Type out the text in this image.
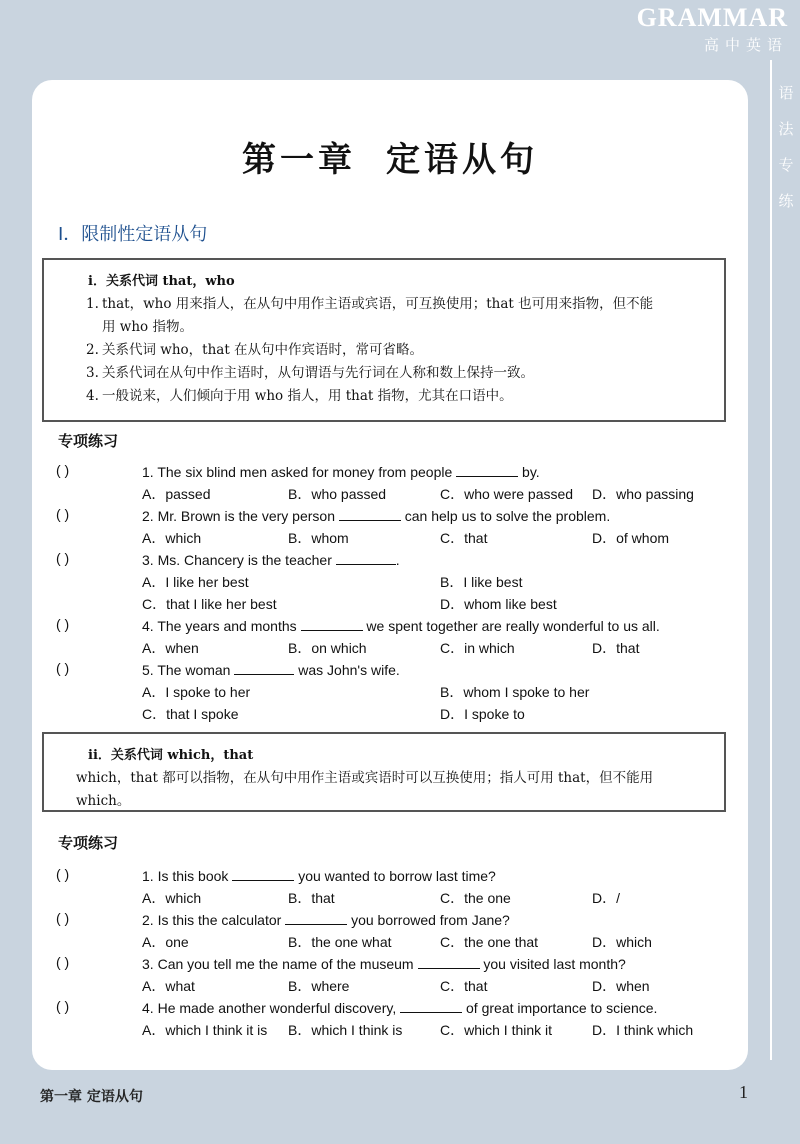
GRAMMAR
高中英语
语
法
专
练
第一章 定语从句
I．限制性定语从句
i．关系代词 that，who
1. that，who 用来指人，在从句中用作主语或宾语，可互换使用；that 也可用来指物，但不能
用 who 指物。
2. 关系代词 who，that 在从句中作宾语时，常可省略。
3. 关系代词在从句中作主语时，从句谓语与先行词在人称和数上保持一致。
4. 一般说来，人们倾向于用 who 指人，用 that 指物，尤其在口语中。
专项练习
( )	1. The six blind men asked for money from people	by.
A．passed	B．who passed	C．who were passed D．who passing
( )	2. Mr. Brown is the very person	can help us to solve the problem.
A．which	B．whom	C．that	D．of whom
( )	3. Ms. Chancery is the teacher	.
A．I like her best	B．I like best
C．that I like her best	D．whom like best
( )	4. The years and months	we spent together are really wonderful to us all.
A．when	B．on which	C．in which	D．that
( )	5. The woman	was John's wife.
A．I spoke to her	B．whom I spoke to her
C．that I spoke	D．I spoke to
ii．关系代词 which，that
which，that 都可以指物，在从句中用作主语或宾语时可以互换使用；指人可用 that，但不能用
which。
专项练习
( )	1. Is this book	you wanted to borrow last time?
A．which	B．that	C．the one	D．/
( )	2. Is this the calculator	you borrowed from Jane?
A．one	B．the one what	C．the one that	D．which
( )	3. Can you tell me the name of the museum	you visited last month?
A．what	B．where	C．that	D．when
( )	4. He made another wonderful discovery,	of great importance to science.
A．which I think it is B．which I think is	C．which I think it	D．I think which
第一章 定语从句	1
